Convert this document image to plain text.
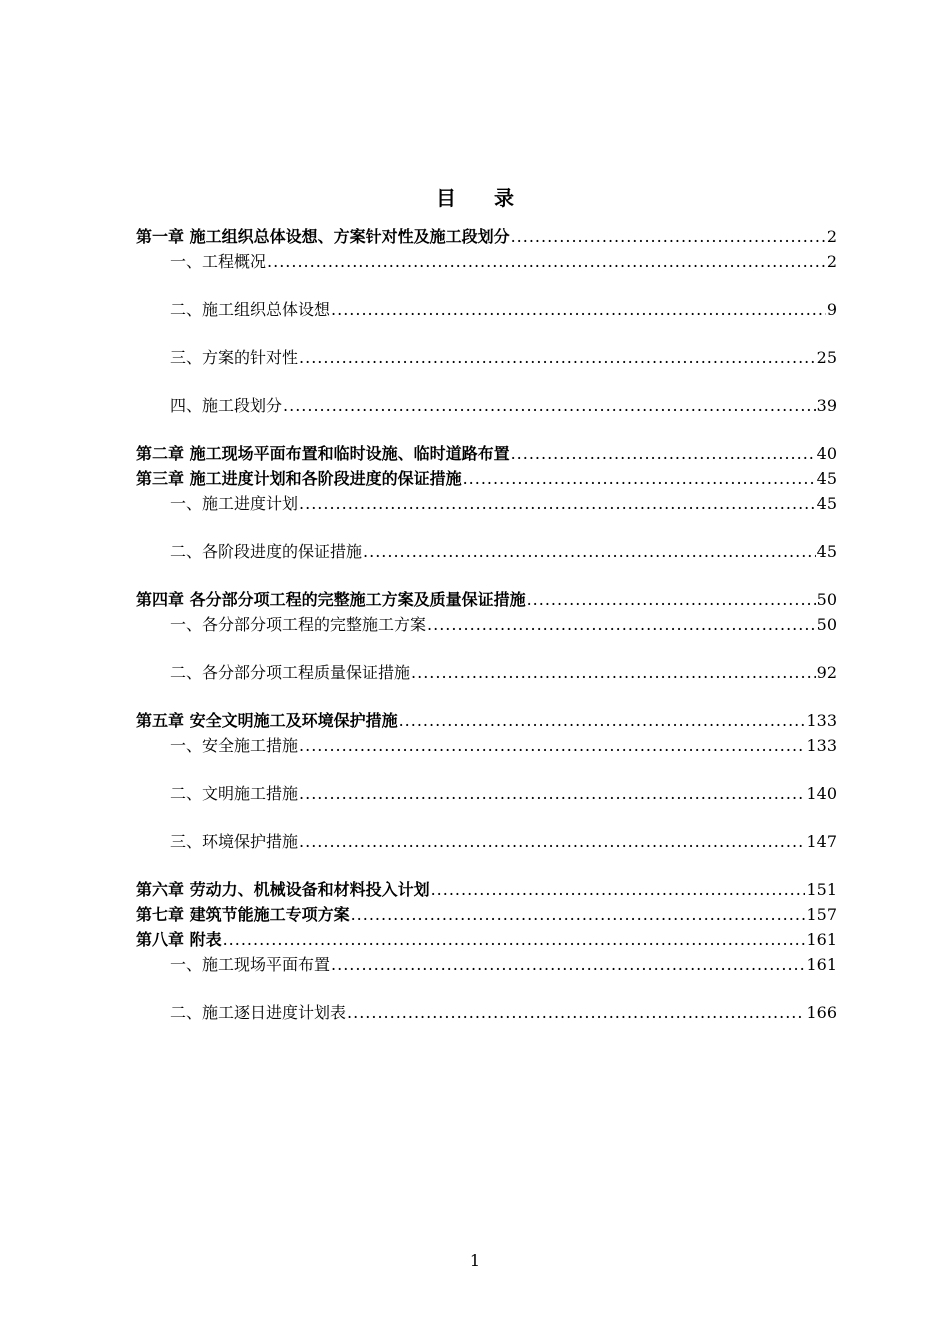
目 录
第一章 施工组织总体设想、方案针对性及施工段划分 .....	2
一、工程概况 .....	2
二、施工组织总体设想 .....	9
三、方案的针对性 .....	25
四、施工段划分 .....	39
第二章 施工现场平面布置和临时设施、临时道路布置 .....	40
第三章 施工进度计划和各阶段进度的保证措施 .....	45
一、施工进度计划 .....	45
二、各阶段进度的保证措施 .....	45
第四章 各分部分项工程的完整施工方案及质量保证措施 .....	50
一、各分部分项工程的完整施工方案 .....	50
二、各分部分项工程质量保证措施 .....	92
第五章 安全文明施工及环境保护措施 .....	133
一、安全施工措施 .....	133
二、文明施工措施 .....	140
三、环境保护措施 .....	147
第六章 劳动力、机械设备和材料投入计划 .....	151
第七章 建筑节能施工专项方案 .....	157
第八章 附表 .....	161
一、施工现场平面布置 .....	161
二、施工逐日进度计划表 .....	166
1
